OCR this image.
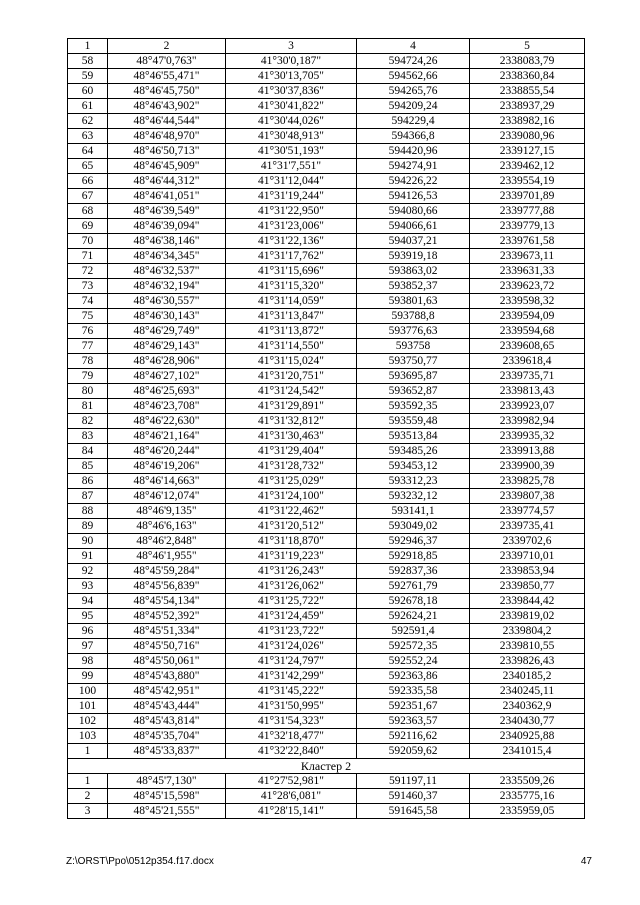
1	2	3	4	5
58	48°47'0,763"	41°30'0,187"	594724,26	2338083,79
59	48°46'55,471"	41°30'13,705"	594562,66	2338360,84
60	48°46'45,750"	41°30'37,836"	594265,76	2338855,54
61	48°46'43,902"	41°30'41,822"	594209,24	2338937,29
62	48°46'44,544"	41°30'44,026"	594229,4	2338982,16
63	48°46'48,970"	41°30'48,913"	594366,8	2339080,96
64	48°46'50,713"	41°30'51,193"	594420,96	2339127,15
65	48°46'45,909"	41°31'7,551"	594274,91	2339462,12
66	48°46'44,312"	41°31'12,044"	594226,22	2339554,19
67	48°46'41,051"	41°31'19,244"	594126,53	2339701,89
68	48°46'39,549"	41°31'22,950"	594080,66	2339777,88
69	48°46'39,094"	41°31'23,006"	594066,61	2339779,13
70	48°46'38,146"	41°31'22,136"	594037,21	2339761,58
71	48°46'34,345"	41°31'17,762"	593919,18	2339673,11
72	48°46'32,537"	41°31'15,696"	593863,02	2339631,33
73	48°46'32,194"	41°31'15,320"	593852,37	2339623,72
74	48°46'30,557"	41°31'14,059"	593801,63	2339598,32
75	48°46'30,143"	41°31'13,847"	593788,8	2339594,09
76	48°46'29,749"	41°31'13,872"	593776,63	2339594,68
77	48°46'29,143"	41°31'14,550"	593758	2339608,65
78	48°46'28,906"	41°31'15,024"	593750,77	2339618,4
79	48°46'27,102"	41°31'20,751"	593695,87	2339735,71
80	48°46'25,693"	41°31'24,542"	593652,87	2339813,43
81	48°46'23,708"	41°31'29,891"	593592,35	2339923,07
82	48°46'22,630"	41°31'32,812"	593559,48	2339982,94
83	48°46'21,164"	41°31'30,463"	593513,84	2339935,32
84	48°46'20,244"	41°31'29,404"	593485,26	2339913,88
85	48°46'19,206"	41°31'28,732"	593453,12	2339900,39
86	48°46'14,663"	41°31'25,029"	593312,23	2339825,78
87	48°46'12,074"	41°31'24,100"	593232,12	2339807,38
88	48°46'9,135"	41°31'22,462"	593141,1	2339774,57
89	48°46'6,163"	41°31'20,512"	593049,02	2339735,41
90	48°46'2,848"	41°31'18,870"	592946,37	2339702,6
91	48°46'1,955"	41°31'19,223"	592918,85	2339710,01
92	48°45'59,284"	41°31'26,243"	592837,36	2339853,94
93	48°45'56,839"	41°31'26,062"	592761,79	2339850,77
94	48°45'54,134"	41°31'25,722"	592678,18	2339844,42
95	48°45'52,392"	41°31'24,459"	592624,21	2339819,02
96	48°45'51,334"	41°31'23,722"	592591,4	2339804,2
97	48°45'50,716"	41°31'24,026"	592572,35	2339810,55
98	48°45'50,061"	41°31'24,797"	592552,24	2339826,43
99	48°45'43,880"	41°31'42,299"	592363,86	2340185,2
100	48°45'42,951"	41°31'45,222"	592335,58	2340245,11
101	48°45'43,444"	41°31'50,995"	592351,67	2340362,9
102	48°45'43,814"	41°31'54,323"	592363,57	2340430,77
103	48°45'35,704"	41°32'18,477"	592116,62	2340925,88
1	48°45'33,837"	41°32'22,840"	592059,62	2341015,4
Кластер 2				
1	48°45'7,130"	41°27'52,981"	591197,11	2335509,26
2	48°45'15,598"	41°28'6,081"	591460,37	2335775,16
3	48°45'21,555"	41°28'15,141"	591645,58	2335959,05
Z:\ORST\Ppo\0512p354.f17.docx	47
